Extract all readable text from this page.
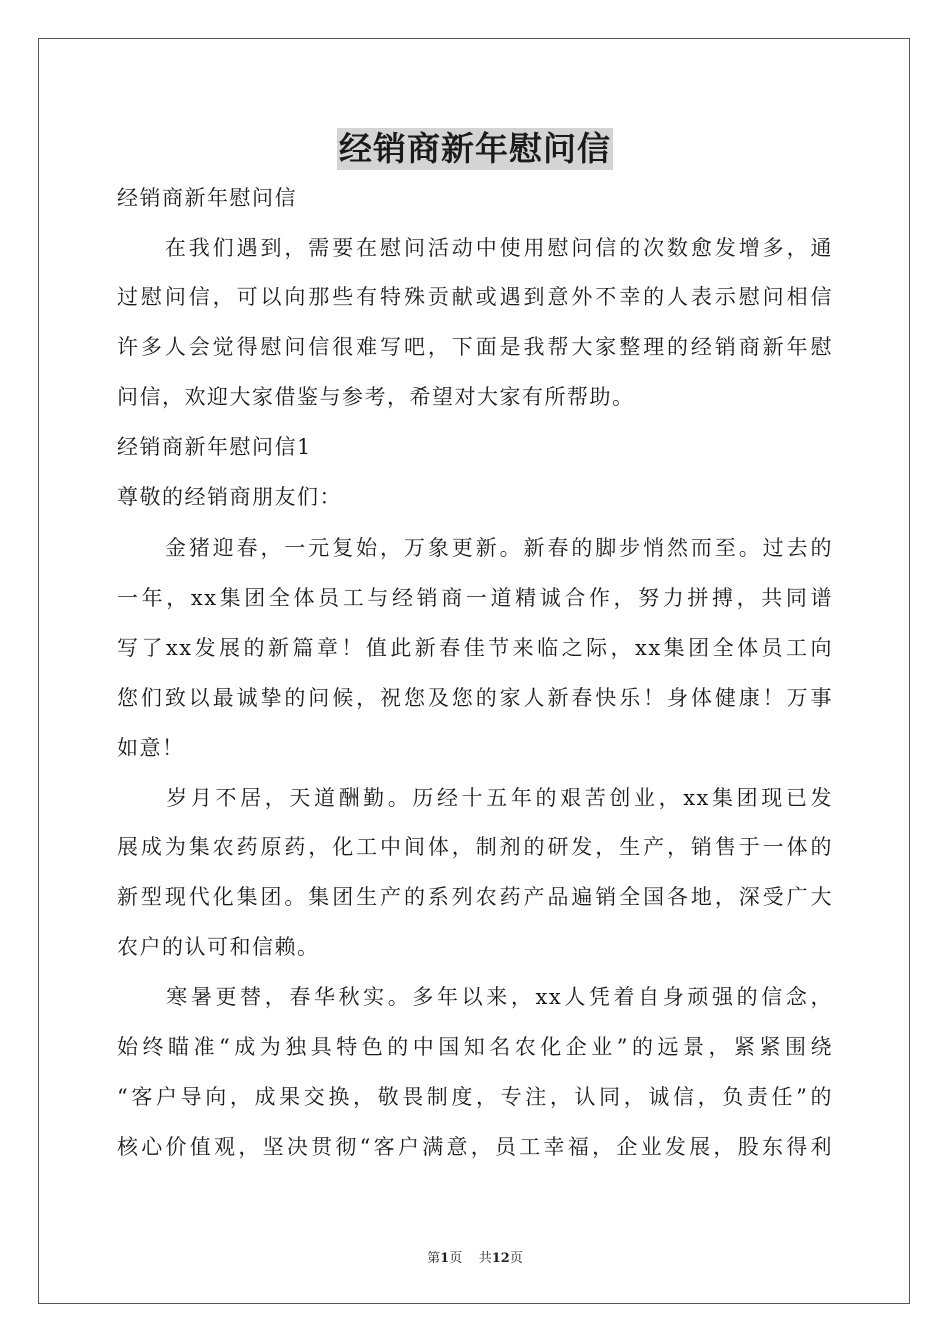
经销商新年慰问信
经销商新年慰问信
　　在我们遇到，需要在慰问活动中使用慰问信的次数愈发增多，通
过慰问信，可以向那些有特殊贡献或遇到意外不幸的人表示慰问相信
许多人会觉得慰问信很难写吧，下面是我帮大家整理的经销商新年慰
问信，欢迎大家借鉴与参考，希望对大家有所帮助。
经销商新年慰问信1
尊敬的经销商朋友们：
　　金猪迎春，一元复始，万象更新。新春的脚步悄然而至。过去的
一年，xx集团全体员工与经销商一道精诚合作，努力拼搏，共同谱
写了xx发展的新篇章！值此新春佳节来临之际，xx集团全体员工向
您们致以最诚挚的问候，祝您及您的家人新春快乐！身体健康！万事
如意！
　　岁月不居，天道酬勤。历经十五年的艰苦创业，xx集团现已发
展成为集农药原药，化工中间体，制剂的研发，生产，销售于一体的
新型现代化集团。集团生产的系列农药产品遍销全国各地，深受广大
农户的认可和信赖。
　　寒暑更替，春华秋实。多年以来，xx人凭着自身顽强的信念，
始终瞄准“成为独具特色的中国知名农化企业”的远景，紧紧围绕
“客户导向，成果交换，敬畏制度，专注，认同，诚信，负责任”的
核心价值观，坚决贯彻“客户满意，员工幸福，企业发展，股东得利
第1页 共12页
